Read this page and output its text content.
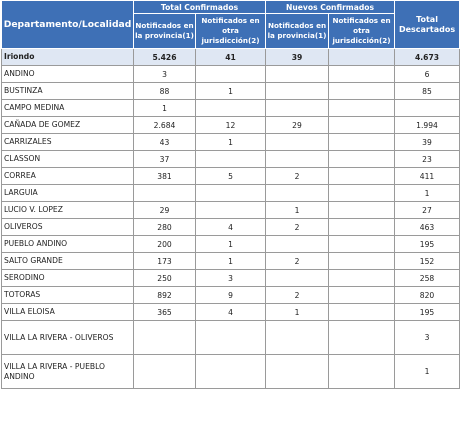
Departamento/Localidad	Total Confirmados		Nuevos Confirmados		Total Descartados
	Notificados en la provincia(1)	Notificados en otra jurisdicción(2)	Notificados en la provincia(1)	Notificados en otra jurisdicción(2)	
Iriondo	5.426	41	39		4.673
ANDINO	3				6
BUSTINZA	88	1			85
CAMPO MEDINA	1				
CAÑADA DE GOMEZ	2.684	12	29		1.994
CARRIZALES	43	1			39
CLASSON	37				23
CORREA	381	5	2		411
LARGUIA					1
LUCIO V. LOPEZ	29		1		27
OLIVEROS	280	4	2		463
PUEBLO ANDINO	200	1			195
SALTO GRANDE	173	1	2		152
SERODINO	250	3			258
TOTORAS	892	9	2		820
VILLA ELOISA	365	4	1		195
VILLA LA RIVERA - OLIVEROS					3
VILLA LA RIVERA - PUEBLO ANDINO					1
